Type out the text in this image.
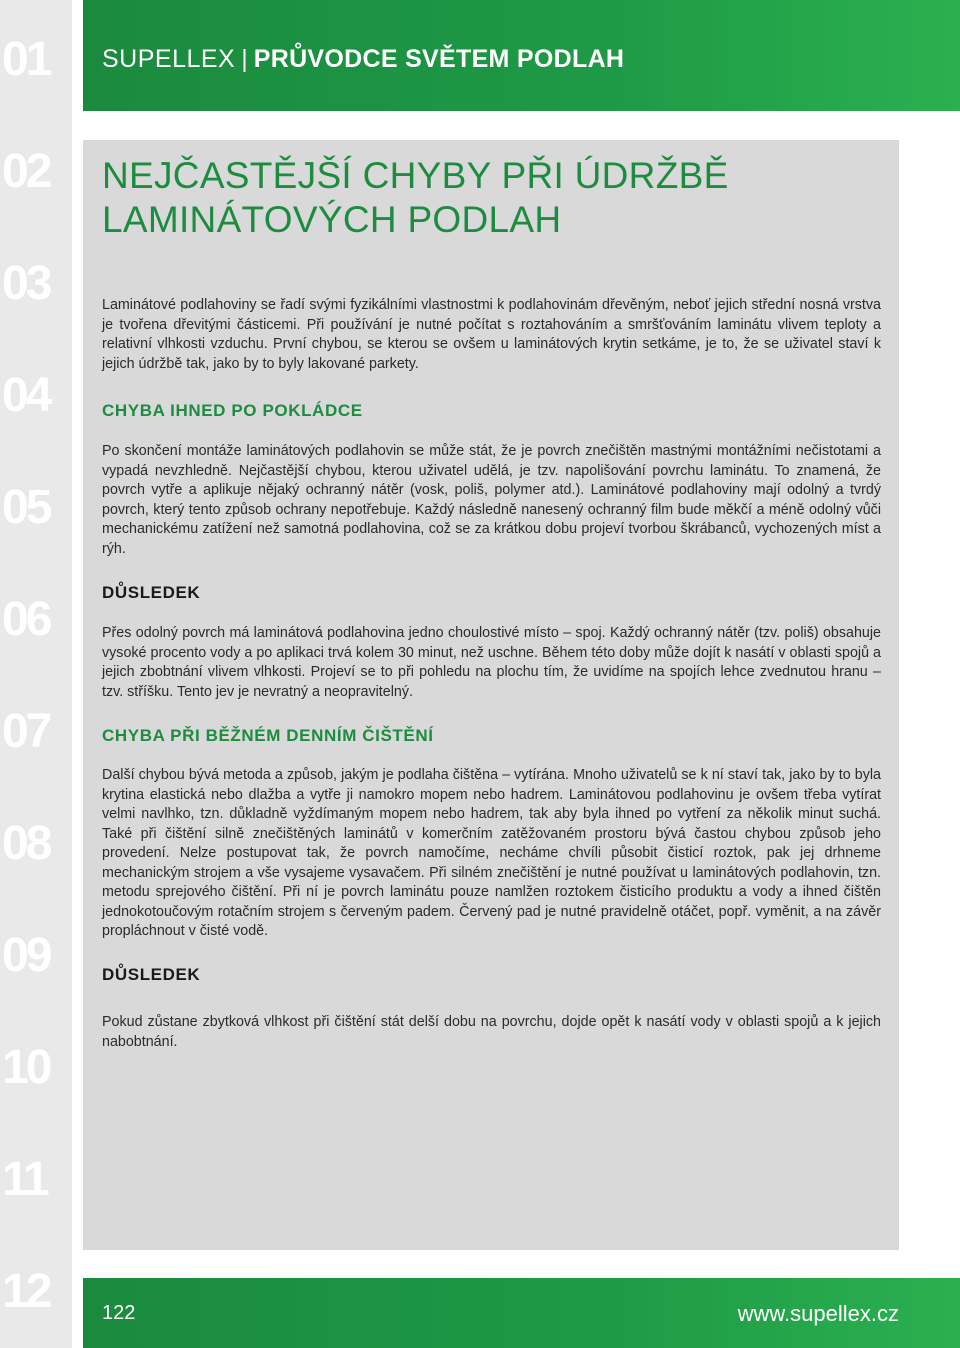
01
02
03
04
05
06
07
08
09
10
11
12
SUPELLEX | PRŮVODCE SVĚTEM PODLAH
NEJČASTĚJŠÍ CHYBY PŘI ÚDRŽBĚ
LAMINÁTOVÝCH PODLAH

Laminátové podlahoviny se řadí svými fyzikálními vlastnostmi k podlahovinám dřevěným, neboť jejich střední nosná vrstva je tvořena dřevitými částicemi. Při používání je nutné počítat s roztahováním a smršťováním laminátu vlivem teploty a relativní vlhkosti vzduchu. První chybou, se kterou se ovšem u laminátových krytin setkáme, je to, že se uživatel staví k jejich údržbě tak, jako by to byly lakované parkety.

CHYBA IHNED PO POKLÁDCE

Po skončení montáže laminátových podlahovin se může stát, že je povrch znečištěn mastnými montážními nečistotami a vypadá nevzhledně. Nejčastější chybou, kterou uživatel udělá, je tzv. napolišování povrchu laminátu. To znamená, že povrch vytře a aplikuje nějaký ochranný nátěr (vosk, poliš, polymer atd.). Laminátové podlahoviny mají odolný a tvrdý povrch, který tento způsob ochrany nepotřebuje. Každý následně nanesený ochranný film bude měkčí a méně odolný vůči mechanickému zatížení než samotná podlahovina, což se za krátkou dobu projeví tvorbou škrábanců, vychozených míst a rýh.

DŮSLEDEK

Přes odolný povrch má laminátová podlahovina jedno choulostivé místo – spoj. Každý ochranný nátěr (tzv. poliš) obsahuje vysoké procento vody a po aplikaci trvá kolem 30 minut, než uschne. Během této doby může dojít k nasátí v oblasti spojů a jejich zbobtnání vlivem vlhkosti. Projeví se to při pohledu na plochu tím, že uvidíme na spojích lehce zvednutou hranu – tzv. stříšku. Tento jev je nevratný a neopravitelný.

CHYBA PŘI BĚŽNÉM DENNÍM ČIŠTĚNÍ

Další chybou bývá metoda a způsob, jakým je podlaha čištěna – vytírána. Mnoho uživatelů se k ní staví tak, jako by to byla krytina elastická nebo dlažba a vytře ji namokro mopem nebo hadrem. Laminátovou podlahovinu je ovšem třeba vytírat velmi navlhko, tzn. důkladně vyždímaným mopem nebo hadrem, tak aby byla ihned po vytření za několik minut suchá. Také při čištění silně znečištěných laminátů v komerčním zatěžovaném prostoru bývá častou chybou způsob jeho provedení. Nelze postupovat tak, že povrch namočíme, necháme chvíli působit čisticí roztok, pak jej drhneme mechanickým strojem a vše vysajeme vysavačem. Při silném znečištění je nutné používat u laminátových podlahovin, tzn. metodu sprejového čištění. Při ní je povrch laminátu pouze namlžen roztokem čisticího produktu a vody a ihned čištěn jednokotoučovým rotačním strojem s červeným padem. Červený pad je nutné pravidelně otáčet, popř. vyměnit, a na závěr propláchnout v čisté vodě.

DŮSLEDEK

Pokud zůstane zbytková vlhkost při čištění stát delší dobu na povrchu, dojde opět k nasátí vody v oblasti spojů a k jejich nabobtnání.

122	www.supellex.cz
